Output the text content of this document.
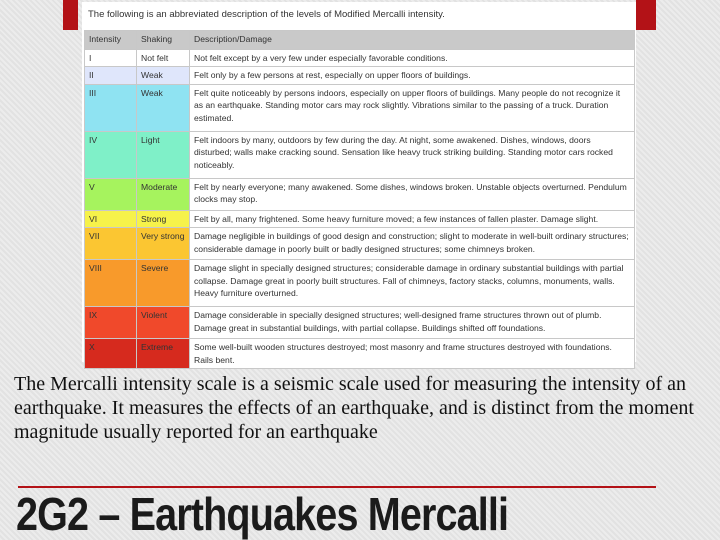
The following is an abbreviated description of the levels of Modified Mercalli intensity.
Intensity	Shaking	Description/Damage
I	Not felt	Not felt except by a very few under especially favorable conditions.
II	Weak	Felt only by a few persons at rest, especially on upper floors of buildings.
III	Weak	Felt quite noticeably by persons indoors, especially on upper floors of buildings. Many people do not recognize it as an earthquake. Standing motor cars may rock slightly. Vibrations similar to the passing of a truck. Duration estimated.
IV	Light	Felt indoors by many, outdoors by few during the day. At night, some awakened. Dishes, windows, doors disturbed; walls make cracking sound. Sensation like heavy truck striking building. Standing motor cars rocked noticeably.
V	Moderate	Felt by nearly everyone; many awakened. Some dishes, windows broken. Unstable objects overturned. Pendulum clocks may stop.
VI	Strong	Felt by all, many frightened. Some heavy furniture moved; a few instances of fallen plaster. Damage slight.
VII	Very strong	Damage negligible in buildings of good design and construction; slight to moderate in well-built ordinary structures; considerable damage in poorly built or badly designed structures; some chimneys broken.
VIII	Severe	Damage slight in specially designed structures; considerable damage in ordinary substantial buildings with partial collapse. Damage great in poorly built structures. Fall of chimneys, factory stacks, columns, monuments, walls. Heavy furniture overturned.
IX	Violent	Damage considerable in specially designed structures; well-designed frame structures thrown out of plumb. Damage great in substantial buildings, with partial collapse. Buildings shifted off foundations.
X	Extreme	Some well-built wooden structures destroyed; most masonry and frame structures destroyed with foundations. Rails bent.
The Mercalli intensity scale is a seismic scale used for measuring the intensity of an earthquake. It measures the effects of an earthquake, and is distinct from the moment magnitude usually reported for an earthquake
2G2 – Earthquakes Mercalli
